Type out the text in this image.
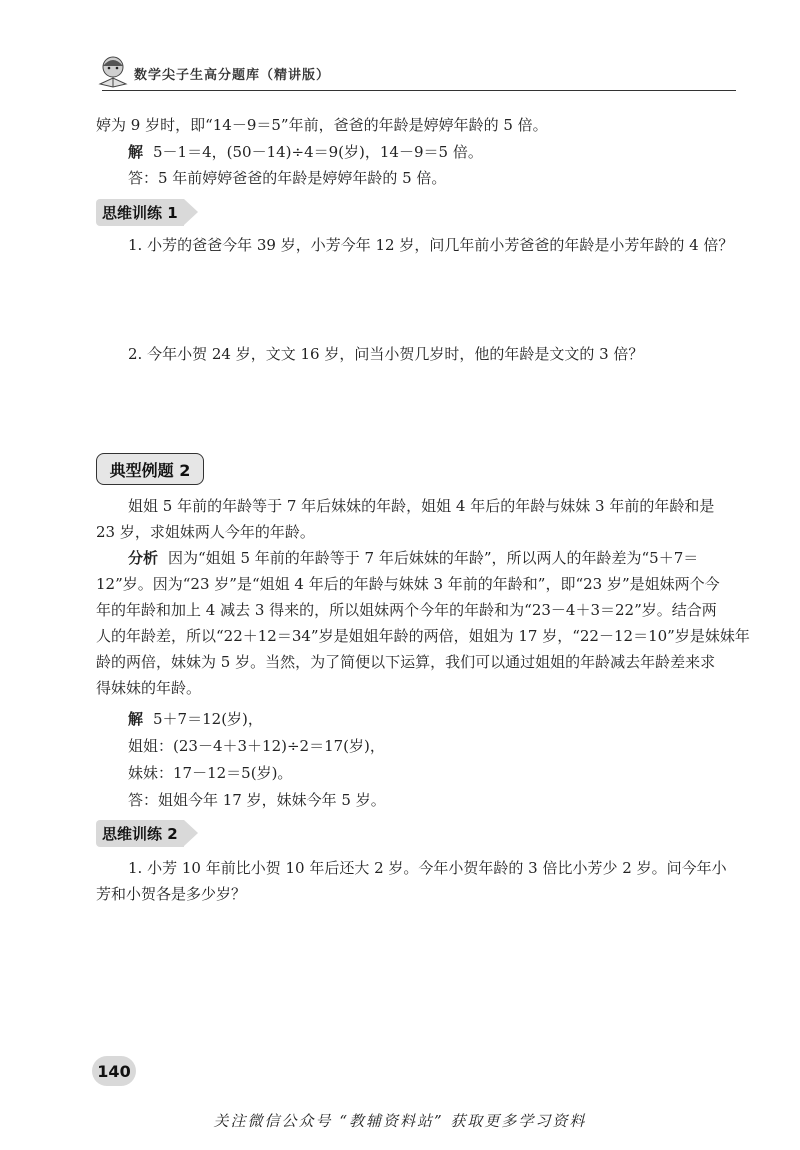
数学尖子生高分题库（精讲版）
婷为 9 岁时，即“14－9＝5”年前，爸爸的年龄是婷婷年龄的 5 倍。
解 5－1＝4，(50－14)÷4＝9(岁)，14－9＝5 倍。
答：5 年前婷婷爸爸的年龄是婷婷年龄的 5 倍。
思维训练 1
1. 小芳的爸爸今年 39 岁，小芳今年 12 岁，问几年前小芳爸爸的年龄是小芳年龄的 4 倍？
2. 今年小贺 24 岁，文文 16 岁，问当小贺几岁时，他的年龄是文文的 3 倍？
典型例题 2
姐姐 5 年前的年龄等于 7 年后妹妹的年龄，姐姐 4 年后的年龄与妹妹 3 年前的年龄和是
23 岁，求姐妹两人今年的年龄。
分析 因为“姐姐 5 年前的年龄等于 7 年后妹妹的年龄”，所以两人的年龄差为“5＋7＝
12”岁。因为“23 岁”是“姐姐 4 年后的年龄与妹妹 3 年前的年龄和”，即“23 岁”是姐妹两个今
年的年龄和加上 4 减去 3 得来的，所以姐妹两个今年的年龄和为“23－4＋3＝22”岁。结合两
人的年龄差，所以“22＋12＝34”岁是姐姐年龄的两倍，姐姐为 17 岁，“22－12＝10”岁是妹妹年
龄的两倍，妹妹为 5 岁。当然，为了简便以下运算，我们可以通过姐姐的年龄减去年龄差来求
得妹妹的年龄。
解 5＋7＝12(岁)，
姐姐：(23－4＋3＋12)÷2＝17(岁)，
妹妹：17－12＝5(岁)。
答：姐姐今年 17 岁，妹妹今年 5 岁。
思维训练 2
1. 小芳 10 年前比小贺 10 年后还大 2 岁。今年小贺年龄的 3 倍比小芳少 2 岁。问今年小
芳和小贺各是多少岁？
140
关注微信公众号 “教辅资料站” 获取更多学习资料
